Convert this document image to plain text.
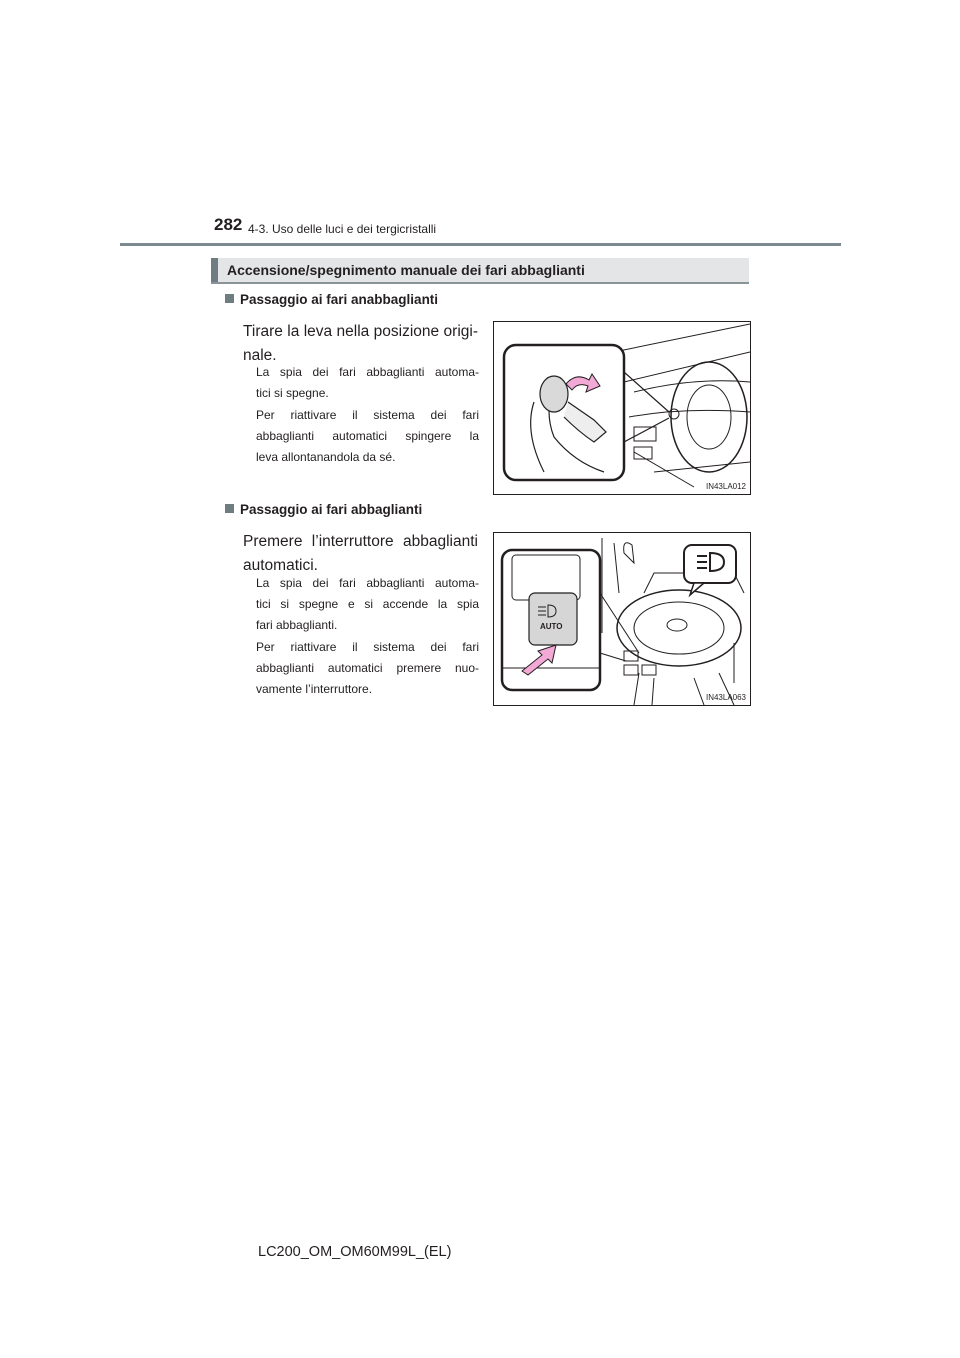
282 4-3. Uso delle luci e dei tergicristalli
Accensione/spegnimento manuale dei fari abbaglianti
Passaggio ai fari anabbaglianti
Tirare la leva nella posizione origi-
nale.
La spia dei fari abbaglianti automa-
tici si spegne.
Per riattivare il sistema dei fari
abbaglianti automatici spingere la
leva allontanandola da sé.
IN43LA012
Passaggio ai fari abbaglianti
Premere l’interruttore abbaglianti
automatici.
La spia dei fari abbaglianti automa-
tici si spegne e si accende la spia
fari abbaglianti.
Per riattivare il sistema dei fari
abbaglianti automatici premere nuo-
vamente l’interruttore.
AUTO
IN43LA063
LC200_OM_OM60M99L_(EL)
